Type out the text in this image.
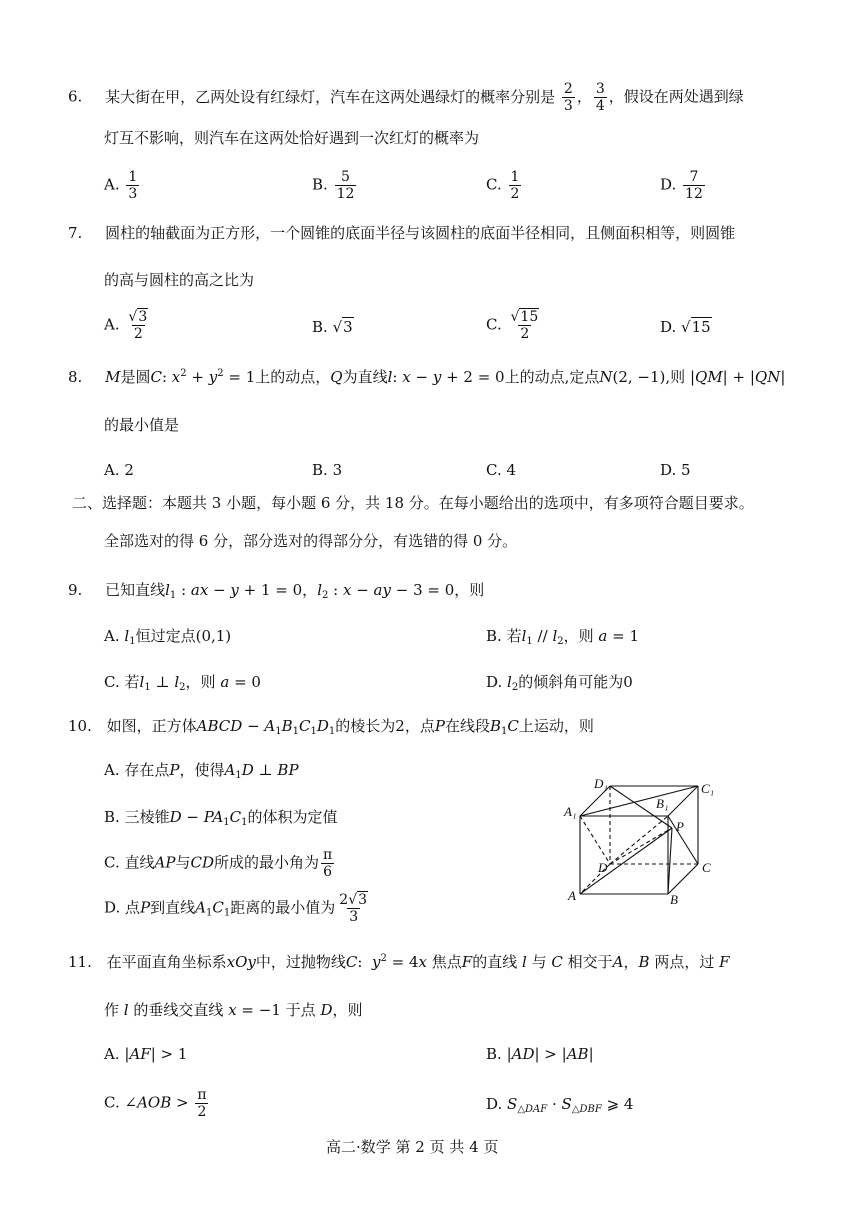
6. 某大街在甲，乙两处设有红绿灯，汽车在这两处遇绿灯的概率分别是 $\frac{2}{3}$ ， $\frac{3}{4}$ ，假设在两处遇到绿
灯互不影响，则汽车在这两处恰好遇到一次红灯的概率为
A. $\frac{1}{3}$	B. $\frac{5}{12}$	C. $\frac{1}{2}$	D. $\frac{7}{12}$
7. 圆柱的轴截面为正方形，一个圆锥的底面半径与该圆柱的底面半径相同，且侧面积相等，则圆锥
的高与圆柱的高之比为
A. $\frac{√3}{2}$	B. √3	C. $\frac{√15}{2}$	D. √15
8. M是圆C: $x^2 + y^2 = 1$上的动点，Q为直线l: x − y + 2 = 0上的动点,定点N(2, −1),则 |QM| + |QN|
的最小值是
A. 2	B. 3	C. 4	D. 5
二、选择题：本题共 3 小题，每小题 6 分，共 18 分。在每小题给出的选项中，有多项符合题目要求。
全部选对的得 6 分，部分选对的得部分分，有选错的得 0 分。
9. 已知直线$l_1$ : ax − y + 1 = 0，$l_2$ : x − ay − 3 = 0，则
A. $l_1$恒过定点(0,1)	B. 若$l_1 // l_2$，则 a = 1
C. 若$l_1$ ⊥ $l_2$，则 a = 0	D. $l_2$的倾斜角可能为0
10. 如图，正方体ABCD − $A_1B_1C_1D_1$的棱长为2，点P在线段$B_1C$上运动，则
A. 存在点P，使得$A_1D$ ⊥ BP
B. 三棱锥$D - PA_1C_1$的体积为定值
C. 直线AP与CD所成的最小角为 $\frac{\pi}{6}$
D. 点P到直线$A_1C_1$距离的最小值为 $\frac{2√3}{3}$
D₁	C₁
A₁
B₁
P
D	C
A	B
11. 在平面直角坐标系xOy中，过抛物线C:  $y^2 = 4x$ 焦点F的直线 l 与 C 相交于A，B 两点，过 F
作 l 的垂线交直线 x = −1 于点 D，则
A. |AF| > 1	B. |AD| > |AB|
C. ∠AOB > $\frac{\pi}{2}$	D. $S_{\triangle DAF} \cdot S_{\triangle DBF}$ ⩾ 4
高二·数学 第 2 页 共 4 页
